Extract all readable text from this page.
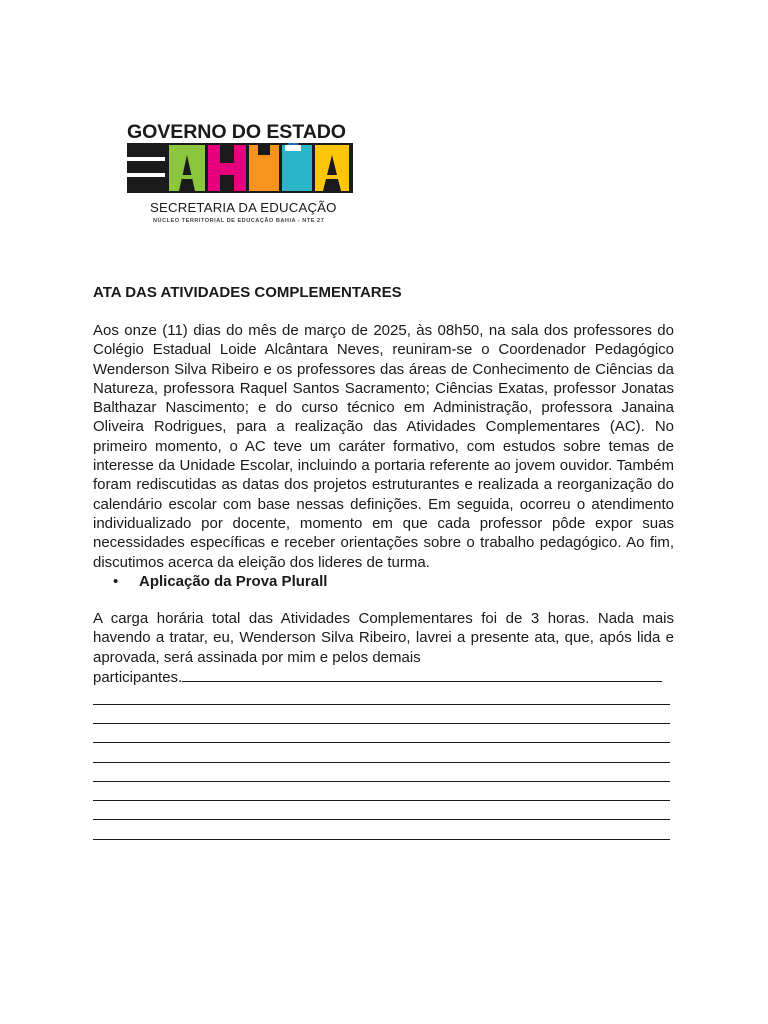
GOVERNO DO ESTADO
SECRETARIA DA EDUCAÇÃO
NÚCLEO TERRITORIAL DE EDUCAÇÃO BAHIA - NTE 27
ATA DAS ATIVIDADES COMPLEMENTARES

Aos onze (11) dias do mês de março de 2025, às 08h50, na sala dos professores do Colégio Estadual Loide Alcântara Neves, reuniram-se o Coordenador Pedagógico Wenderson Silva Ribeiro e os professores das áreas de Conhecimento de Ciências da Natureza, professora Raquel Santos Sacramento; Ciências Exatas, professor Jonatas Balthazar Nascimento; e do curso técnico em Administração, professora Janaina Oliveira Rodrigues, para a realização das Atividades Complementares (AC). No primeiro momento, o AC teve um caráter formativo, com estudos sobre temas de interesse da Unidade Escolar, incluindo a portaria referente ao jovem ouvidor. Também foram rediscutidas as datas dos projetos estruturantes e realizada a reorganização do calendário escolar com base nessas definições. Em seguida, ocorreu o atendimento individualizado por docente, momento em que cada professor pôde expor suas necessidades específicas e receber orientações sobre o trabalho pedagógico. Ao fim, discutimos acerca da eleição dos lideres de turma.

• Aplicação da Prova Plurall

A carga horária total das Atividades Complementares foi de 3 horas. Nada mais havendo a tratar, eu, Wenderson Silva Ribeiro, lavrei a presente ata, que, após lida e aprovada, será assinada por mim e pelos demais

participantes.
